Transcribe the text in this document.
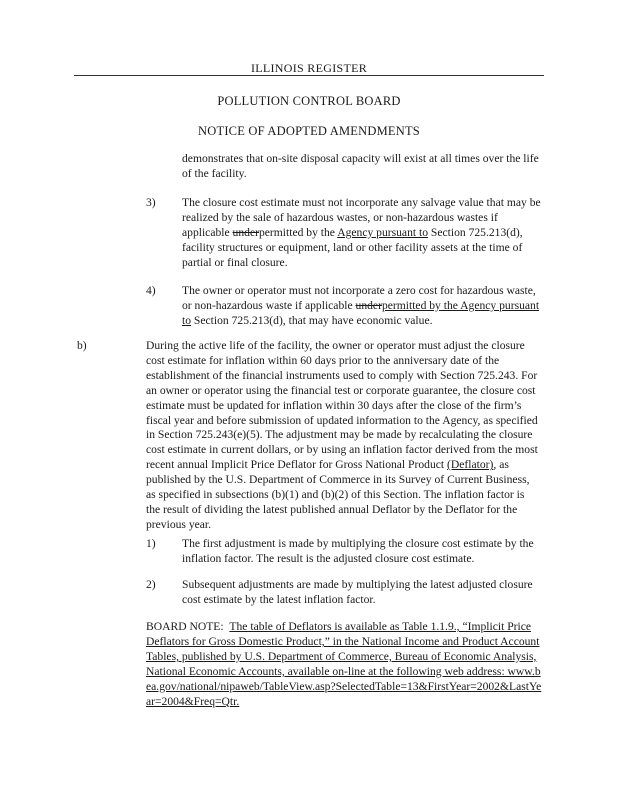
ILLINOIS REGISTER
POLLUTION CONTROL BOARD
NOTICE OF ADOPTED AMENDMENTS

demonstrates that on-site disposal capacity will exist at all times over the life of the facility.

3) The closure cost estimate must not incorporate any salvage value that may be realized by the sale of hazardous wastes, or non-hazardous wastes if applicable underpermitted by the Agency pursuant to Section 725.213(d), facility structures or equipment, land or other facility assets at the time of partial or final closure.

4) The owner or operator must not incorporate a zero cost for hazardous waste, or non-hazardous waste if applicable underpermitted by the Agency pursuant to Section 725.213(d), that may have economic value.

b)	During the active life of the facility, the owner or operator must adjust the closure cost estimate for inflation within 60 days prior to the anniversary date of the establishment of the financial instruments used to comply with Section 725.243. For an owner or operator using the financial test or corporate guarantee, the closure cost estimate must be updated for inflation within 30 days after the close of the firm’s fiscal year and before submission of updated information to the Agency, as specified in Section 725.243(e)(5). The adjustment may be made by recalculating the closure cost estimate in current dollars, or by using an inflation factor derived from the most recent annual Implicit Price Deflator for Gross National Product (Deflator), as published by the U.S. Department of Commerce in its Survey of Current Business, as specified in subsections (b)(1) and (b)(2) of this Section. The inflation factor is the result of dividing the latest published annual Deflator by the Deflator for the previous year.

1) The first adjustment is made by multiplying the closure cost estimate by the inflation factor. The result is the adjusted closure cost estimate.

2) Subsequent adjustments are made by multiplying the latest adjusted closure cost estimate by the latest inflation factor.

BOARD NOTE: The table of Deflators is available as Table 1.1.9., “Implicit Price Deflators for Gross Domestic Product,” in the National Income and Product Account Tables, published by U.S. Department of Commerce, Bureau of Economic Analysis, National Economic Accounts, available on-line at the following web address: www.bea.gov/national/nipaweb/TableView.asp?SelectedTable=13&FirstYear=2002&LastYear=2004&Freq=Qtr.
